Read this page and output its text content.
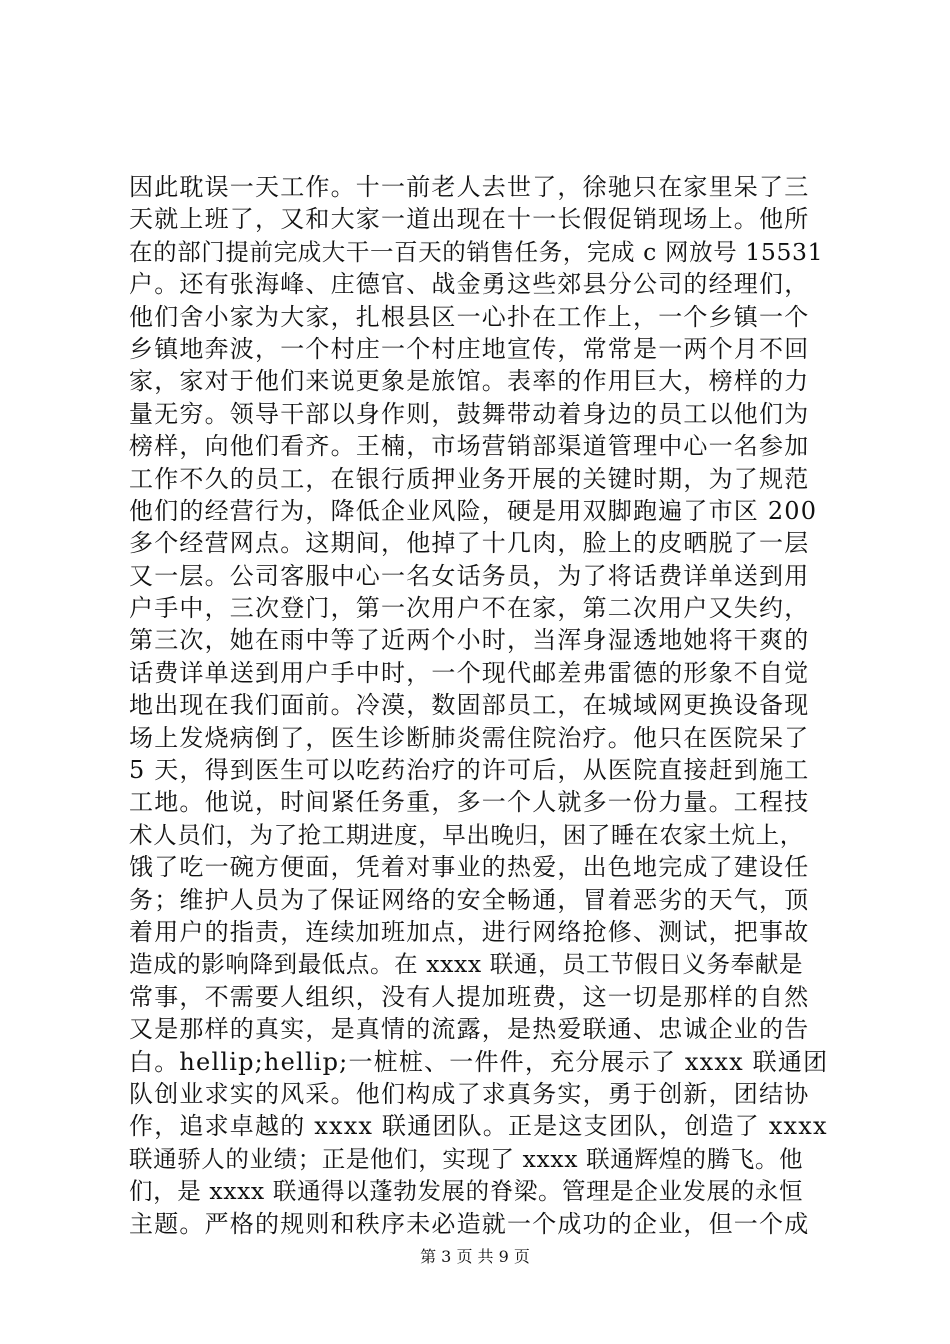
因此耽误一天工作。十一前老人去世了，徐驰只在家里呆了三
天就上班了，又和大家一道出现在十一长假促销现场上。他所
在的部门提前完成大干一百天的销售任务，完成 c 网放号 15531
户。还有张海峰、庄德官、战金勇这些郊县分公司的经理们，
他们舍小家为大家，扎根县区一心扑在工作上，一个乡镇一个
乡镇地奔波，一个村庄一个村庄地宣传，常常是一两个月不回
家，家对于他们来说更象是旅馆。表率的作用巨大，榜样的力
量无穷。领导干部以身作则，鼓舞带动着身边的员工以他们为
榜样，向他们看齐。王楠，市场营销部渠道管理中心一名参加
工作不久的员工，在银行质押业务开展的关键时期，为了规范
他们的经营行为，降低企业风险，硬是用双脚跑遍了市区 200
多个经营网点。这期间，他掉了十几肉，脸上的皮晒脱了一层
又一层。公司客服中心一名女话务员，为了将话费详单送到用
户手中，三次登门，第一次用户不在家，第二次用户又失约，
第三次，她在雨中等了近两个小时，当浑身湿透地她将干爽的
话费详单送到用户手中时，一个现代邮差弗雷德的形象不自觉
地出现在我们面前。冷漠，数固部员工，在城域网更换设备现
场上发烧病倒了，医生诊断肺炎需住院治疗。他只在医院呆了
5 天，得到医生可以吃药治疗的许可后，从医院直接赶到施工
工地。他说，时间紧任务重，多一个人就多一份力量。工程技
术人员们，为了抢工期进度，早出晚归，困了睡在农家土炕上，
饿了吃一碗方便面，凭着对事业的热爱，出色地完成了建设任
务；维护人员为了保证网络的安全畅通，冒着恶劣的天气，顶
着用户的指责，连续加班加点，进行网络抢修、测试，把事故
造成的影响降到最低点。在 xxxx 联通，员工节假日义务奉献是
常事，不需要人组织，没有人提加班费，这一切是那样的自然
又是那样的真实，是真情的流露，是热爱联通、忠诚企业的告
白。hellip;hellip;一桩桩、一件件，充分展示了 xxxx 联通团
队创业求实的风采。他们构成了求真务实，勇于创新，团结协
作，追求卓越的 xxxx 联通团队。正是这支团队，创造了 xxxx
联通骄人的业绩；正是他们，实现了 xxxx 联通辉煌的腾飞。他
们，是 xxxx 联通得以蓬勃发展的脊梁。管理是企业发展的永恒
主题。严格的规则和秩序未必造就一个成功的企业，但一个成
第 3 页 共 9 页
